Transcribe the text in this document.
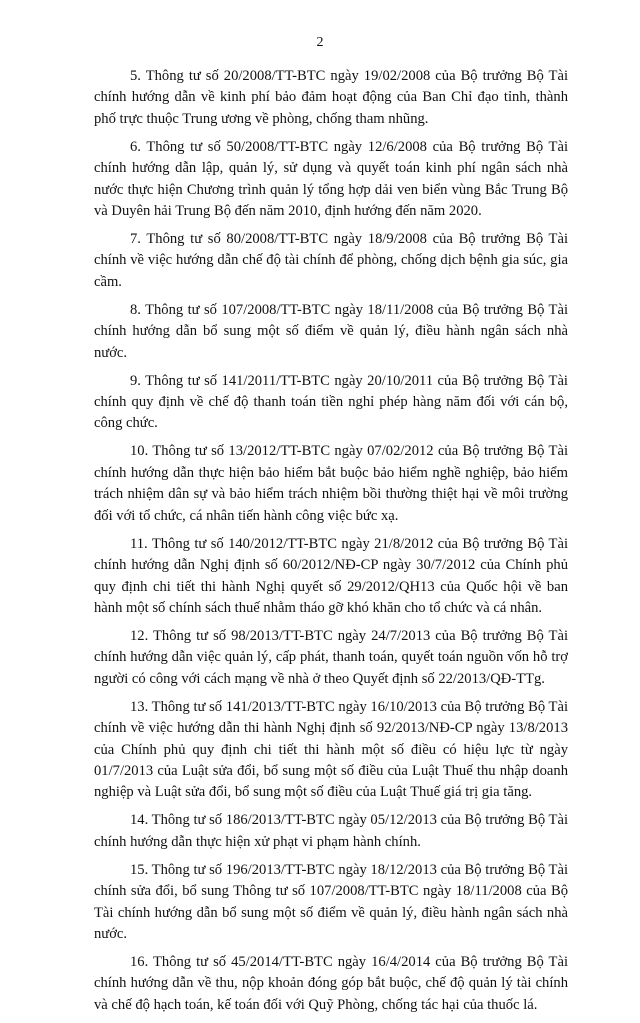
2

5. Thông tư số 20/2008/TT-BTC ngày 19/02/2008 của Bộ trưởng Bộ Tài chính hướng dẫn về kinh phí bảo đảm hoạt động của Ban Chỉ đạo tỉnh, thành phố trực thuộc Trung ương về phòng, chống tham nhũng.

6. Thông tư số 50/2008/TT-BTC ngày 12/6/2008 của Bộ trưởng Bộ Tài chính hướng dẫn lập, quản lý, sử dụng và quyết toán kinh phí ngân sách nhà nước thực hiện Chương trình quản lý tổng hợp dải ven biển vùng Bắc Trung Bộ và Duyên hải Trung Bộ đến năm 2010, định hướng đến năm 2020.

7. Thông tư số 80/2008/TT-BTC ngày 18/9/2008 của Bộ trưởng Bộ Tài chính về việc hướng dẫn chế độ tài chính để phòng, chống dịch bệnh gia súc, gia cầm.

8. Thông tư số 107/2008/TT-BTC ngày 18/11/2008 của Bộ trưởng Bộ Tài chính hướng dẫn bổ sung một số điểm về quản lý, điều hành ngân sách nhà nước.

9. Thông tư số 141/2011/TT-BTC ngày 20/10/2011 của Bộ trưởng Bộ Tài chính quy định về chế độ thanh toán tiền nghỉ phép hàng năm đối với cán bộ, công chức.

10. Thông tư số 13/2012/TT-BTC ngày 07/02/2012 của Bộ trưởng Bộ Tài chính hướng dẫn thực hiện bảo hiểm bắt buộc bảo hiểm nghề nghiệp, bảo hiểm trách nhiệm dân sự và bảo hiểm trách nhiệm bồi thường thiệt hại về môi trường đối với tổ chức, cá nhân tiến hành công việc bức xạ.

11. Thông tư số 140/2012/TT-BTC ngày 21/8/2012 của Bộ trưởng Bộ Tài chính hướng dẫn Nghị định số 60/2012/NĐ-CP ngày 30/7/2012 của Chính phủ quy định chi tiết thi hành Nghị quyết số 29/2012/QH13 của Quốc hội về ban hành một số chính sách thuế nhằm tháo gỡ khó khăn cho tổ chức và cá nhân.

12. Thông tư số 98/2013/TT-BTC ngày 24/7/2013 của Bộ trưởng Bộ Tài chính hướng dẫn việc quản lý, cấp phát, thanh toán, quyết toán nguồn vốn hỗ trợ người có công với cách mạng về nhà ở theo Quyết định số 22/2013/QĐ-TTg.

13. Thông tư số 141/2013/TT-BTC ngày 16/10/2013 của Bộ trưởng Bộ Tài chính về việc hướng dẫn thi hành Nghị định số 92/2013/NĐ-CP ngày 13/8/2013 của Chính phủ quy định chi tiết thi hành một số điều có hiệu lực từ ngày 01/7/2013 của Luật sửa đổi, bổ sung một số điều của Luật Thuế thu nhập doanh nghiệp và Luật sửa đổi, bổ sung một số điều của Luật Thuế giá trị gia tăng.

14. Thông tư số 186/2013/TT-BTC ngày 05/12/2013 của Bộ trưởng Bộ Tài chính hướng dẫn thực hiện xử phạt vi phạm hành chính.

15. Thông tư số 196/2013/TT-BTC ngày 18/12/2013 của Bộ trưởng Bộ Tài chính sửa đổi, bổ sung Thông tư số 107/2008/TT-BTC ngày 18/11/2008 của Bộ Tài chính hướng dẫn bổ sung một số điểm về quản lý, điều hành ngân sách nhà nước.

16. Thông tư số 45/2014/TT-BTC ngày 16/4/2014 của Bộ trưởng Bộ Tài chính hướng dẫn về thu, nộp khoản đóng góp bắt buộc, chế độ quản lý tài chính và chế độ hạch toán, kế toán đối với Quỹ Phòng, chống tác hại của thuốc lá.
